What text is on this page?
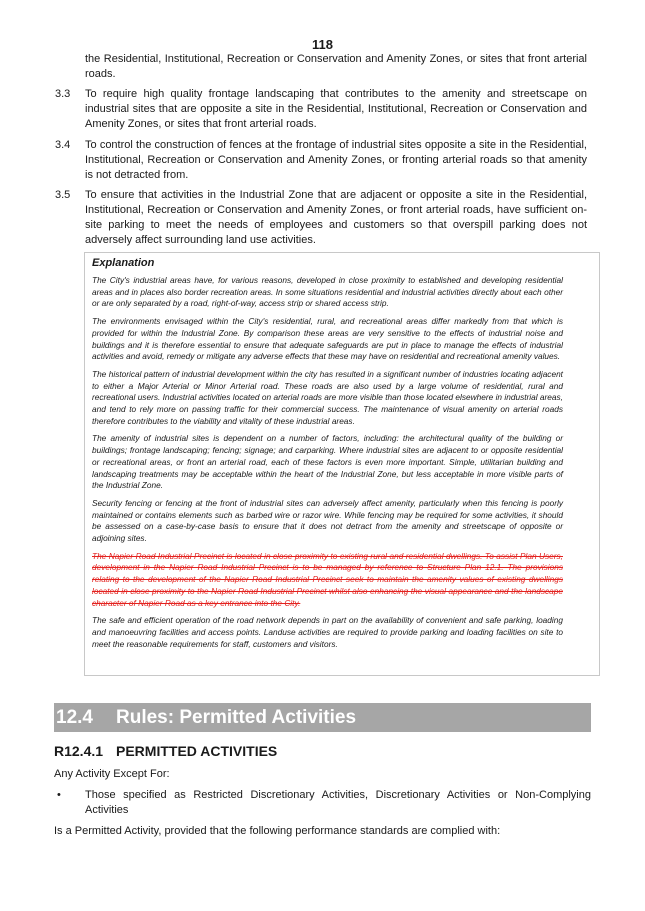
118
the Residential, Institutional, Recreation or Conservation and Amenity Zones, or sites that front arterial roads.
3.3	To require high quality frontage landscaping that contributes to the amenity and streetscape on industrial sites that are opposite a site in the Residential, Institutional, Recreation or Conservation and Amenity Zones, or sites that front arterial roads.
3.4	To control the construction of fences at the frontage of industrial sites opposite a site in the Residential, Institutional, Recreation or Conservation and Amenity Zones, or fronting arterial roads so that amenity is not detracted from.
3.5	To ensure that activities in the Industrial Zone that are adjacent or opposite a site in the Residential, Institutional, Recreation or Conservation and Amenity Zones, or front arterial roads, have sufficient on-site parking to meet the needs of employees and customers so that overspill parking does not adversely affect surrounding land use activities.
Explanation

The City's industrial areas have, for various reasons, developed in close proximity to established and developing residential areas and in places also border recreation areas. In some situations residential and industrial activities directly about each other or are only separated by a road, right-of-way, access strip or shared access strip.

The environments envisaged within the City's residential, rural, and recreational areas differ markedly from that which is provided for within the Industrial Zone. By comparison these areas are very sensitive to the effects of industrial noise and buildings and it is therefore essential to ensure that adequate safeguards are put in place to manage the effects of industrial activities and avoid, remedy or mitigate any adverse effects that these may have on residential and recreational amenity values.

The historical pattern of industrial development within the city has resulted in a significant number of industries locating adjacent to either a Major Arterial or Minor Arterial road. These roads are also used by a large volume of residential, rural and recreational users. Industrial activities located on arterial roads are more visible than those located elsewhere in industrial areas, and tend to rely more on passing traffic for their commercial success. The maintenance of visual amenity on arterial roads therefore contributes to the viability and vitality of these industrial areas.

The amenity of industrial sites is dependent on a number of factors, including: the architectural quality of the building or buildings; frontage landscaping; fencing; signage; and carparking. Where industrial sites are adjacent to or opposite residential or recreational areas, or front an arterial road, each of these factors is even more important. Simple, utilitarian building and landscaping treatments may be acceptable within the heart of the Industrial Zone, but less acceptable in more visible parts of the Industrial Zone.

Security fencing or fencing at the front of industrial sites can adversely affect amenity, particularly when this fencing is poorly maintained or contains elements such as barbed wire or razor wire. While fencing may be required for some activities, it should be assessed on a case-by-case basis to ensure that it does not detract from the amenity and streetscape of opposite or adjoining sites.

The Napier Road Industrial Precinct is located in close proximity to existing rural and residential dwellings. To assist Plan Users, development in the Napier Road Industrial Precinct is to be managed by reference to Structure Plan 12.1. The provisions relating to the development of the Napier Road Industrial Precinct seek to maintain the amenity values of existing dwellings located in close proximity to the Napier Road Industrial Precinct whilst also enhancing the visual appearance and the landscape character of Napier Road as a key entrance into the City.

The safe and efficient operation of the road network depends in part on the availability of convenient and safe parking, loading and manoeuvring facilities and access points. Landuse activities are required to provide parking and loading facilities on site to meet the reasonable requirements for staff, customers and visitors.

12.4 Rules: Permitted Activities
R12.4.1 PERMITTED ACTIVITIES
Any Activity Except For:
• Those specified as Restricted Discretionary Activities, Discretionary Activities or Non-Complying Activities
Is a Permitted Activity, provided that the following performance standards are complied with:
